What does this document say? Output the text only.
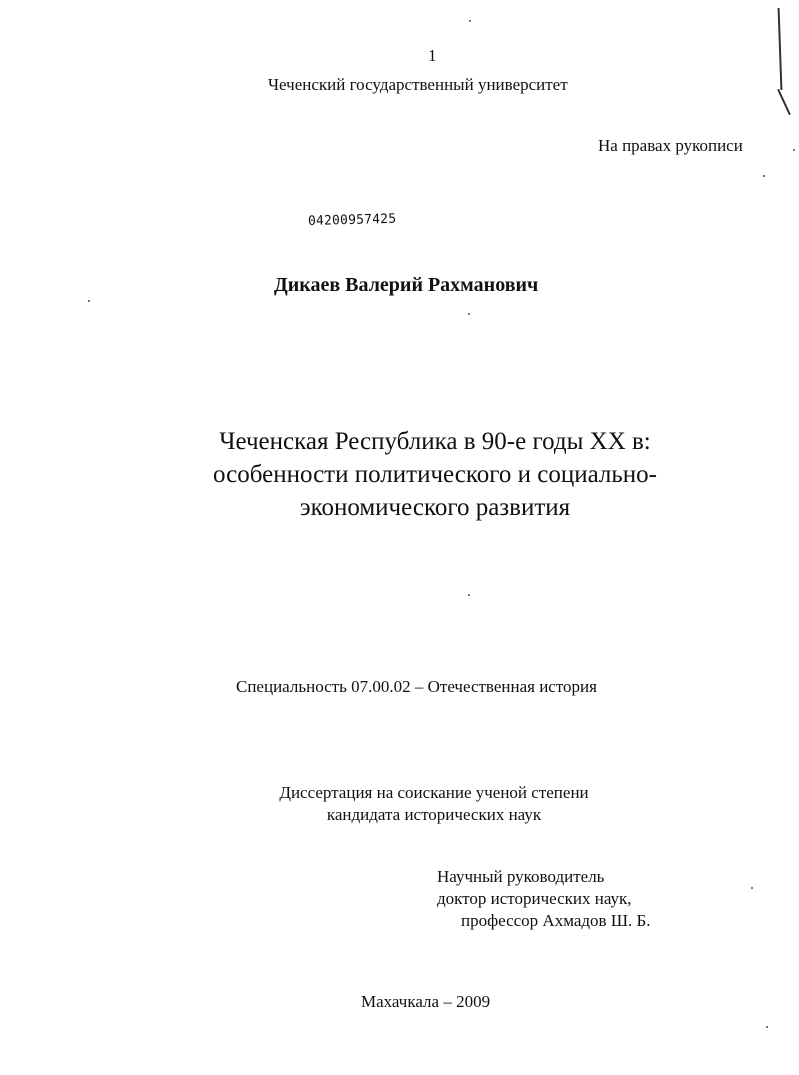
1
Чеченский государственный университет
На правах рукописи
04200957425
Дикаев Валерий Рахманович
Чеченская Республика в 90-е годы XX в:
особенности политического и социально-
экономического развития
Специальность 07.00.02 – Отечественная история
Диссертация на соискание ученой степени
кандидата исторических наук
Научный руководитель
доктор исторических наук,
профессор Ахмадов Ш. Б.
Махачкала – 2009
